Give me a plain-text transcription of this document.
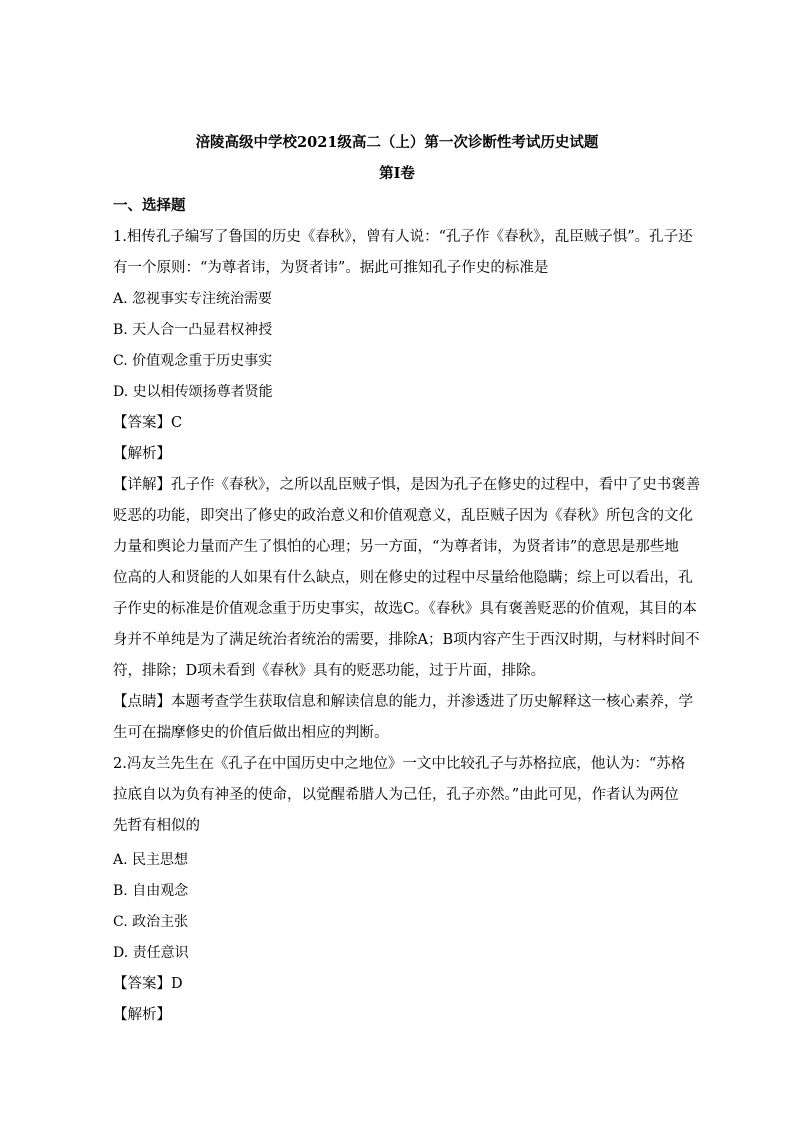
涪陵高级中学校2021级高二（上）第一次诊断性考试历史试题
第Ⅰ卷
一、选择题
1.相传孔子编写了鲁国的历史《春秋》，曾有人说：“孔子作《春秋》，乱臣贼子惧”。孔子还
有一个原则：“为尊者讳，为贤者讳”。据此可推知孔子作史的标准是
A. 忽视事实专注统治需要
B. 天人合一凸显君权神授
C. 价值观念重于历史事实
D. 史以相传颂扬尊者贤能
【答案】C
【解析】
【详解】孔子作《春秋》，之所以乱臣贼子惧，是因为孔子在修史的过程中，看中了史书褒善
贬恶的功能，即突出了修史的政治意义和价值观意义，乱臣贼子因为《春秋》所包含的文化
力量和舆论力量而产生了惧怕的心理；另一方面，“为尊者讳，为贤者讳”的意思是那些地
位高的人和贤能的人如果有什么缺点，则在修史的过程中尽量给他隐瞒；综上可以看出，孔
子作史的标准是价值观念重于历史事实，故选C。《春秋》具有褒善贬恶的价值观，其目的本
身并不单纯是为了满足统治者统治的需要，排除A；B项内容产生于西汉时期，与材料时间不
符，排除；D项未看到《春秋》具有的贬恶功能，过于片面，排除。
【点睛】本题考查学生获取信息和解读信息的能力，并渗透进了历史解释这一核心素养，学
生可在揣摩修史的价值后做出相应的判断。
2.冯友兰先生在《孔子在中国历史中之地位》一文中比较孔子与苏格拉底，他认为：“苏格
拉底自以为负有神圣的使命，以觉醒希腊人为己任，孔子亦然。”由此可见，作者认为两位
先哲有相似的
A. 民主思想
B. 自由观念
C. 政治主张
D. 责任意识
【答案】D
【解析】
